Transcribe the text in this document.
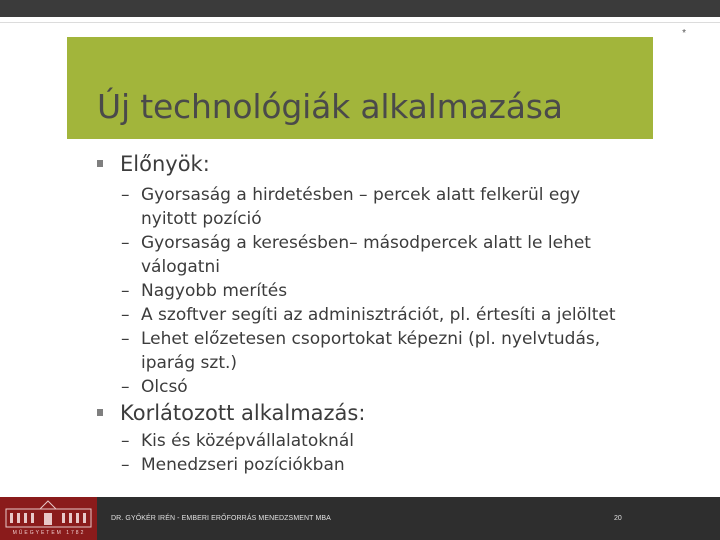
*
Új technológiák alkalmazása
Előnyök:
– Gyorsaság a hirdetésben – percek alatt felkerül egy
nyitott pozíció
– Gyorsaság a keresésben– másodpercek alatt le lehet
válogatni
– Nagyobb merítés
– A szoftver segíti az adminisztrációt, pl. értesíti a jelöltet
– Lehet előzetesen csoportokat képezni (pl. nyelvtudás,
iparág szt.)
– Olcsó
Korlátozott alkalmazás:
– Kis és középvállalatoknál
– Menedzseri pozíciókban
MŰEGYETEM 1782
DR. GYŐKÉR IRÉN - EMBERI ERŐFORRÁS MENEDZSMENT MBA	20
